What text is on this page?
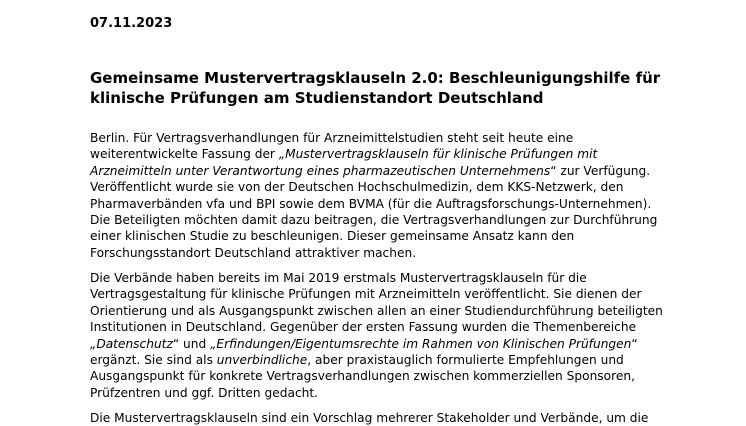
07.11.2023
Gemeinsame Mustervertragsklauseln 2.0: Beschleunigungshilfe für
klinische Prüfungen am Studienstandort Deutschland
Berlin. Für Vertragsverhandlungen für Arzneimittelstudien steht seit heute eine
weiterentwickelte Fassung der „Mustervertragsklauseln für klinische Prüfungen mit
Arzneimitteln unter Verantwortung eines pharmazeutischen Unternehmens“ zur Verfügung.
Veröffentlicht wurde sie von der Deutschen Hochschulmedizin, dem KKS-Netzwerk, den
Pharmaverbänden vfa und BPI sowie dem BVMA (für die Auftragsforschungs-Unternehmen).
Die Beteiligten möchten damit dazu beitragen, die Vertragsverhandlungen zur Durchführung
einer klinischen Studie zu beschleunigen. Dieser gemeinsame Ansatz kann den
Forschungsstandort Deutschland attraktiver machen.
Die Verbände haben bereits im Mai 2019 erstmals Mustervertragsklauseln für die
Vertragsgestaltung für klinische Prüfungen mit Arzneimitteln veröffentlicht. Sie dienen der
Orientierung und als Ausgangspunkt zwischen allen an einer Studiendurchführung beteiligten
Institutionen in Deutschland. Gegenüber der ersten Fassung wurden die Themenbereiche
„Datenschutz“ und „Erfindungen/Eigentumsrechte im Rahmen von Klinischen Prüfungen“
ergänzt. Sie sind als unverbindliche, aber praxistauglich formulierte Empfehlungen und
Ausgangspunkt für konkrete Vertragsverhandlungen zwischen kommerziellen Sponsoren,
Prüfzentren und ggf. Dritten gedacht.
Die Mustervertragsklauseln sind ein Vorschlag mehrerer Stakeholder und Verbände, um die
